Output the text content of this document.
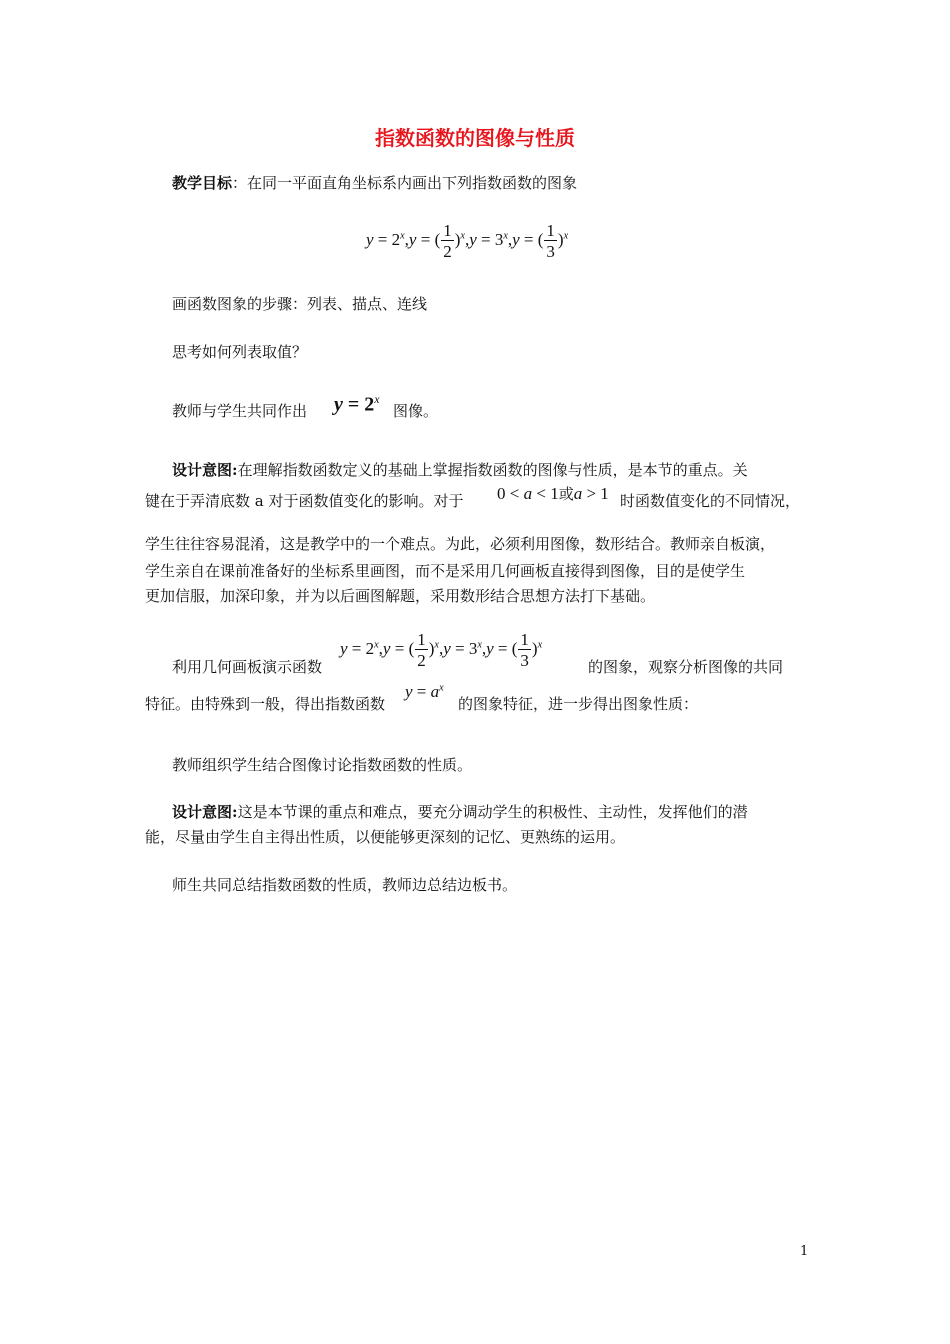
指数函数的图像与性质
教学目标：在同一平面直角坐标系内画出下列指数函数的图象
$y = 2^x,y$ = ( $\frac{1}{2} )^x,y = 3^x,y$ = ( $\frac{1}{3} )^x$
画函数图象的步骤：列表、描点、连线
思考如何列表取值？
教师与学生共同作出 $y = 2^x$
图像。
设计意图:在理解指数函数定义的基础上掌握指数函数的图像与性质，是本节的重点。关
键在于弄清底数 a 对于函数值变化的影响。对于 0 < a < 1或a > 1 时函数值变化的不同情况，
学生往往容易混淆，这是教学中的一个难点。为此，必须利用图像，数形结合。教师亲自板演，
学生亲自在课前准备好的坐标系里画图，而不是采用几何画板直接得到图像，目的是使学生
更加信服，加深印象，并为以后画图解题，采用数形结合思想方法打下基础。
利用几何画板演示函数
$y = 2^x,y$ = ( $\frac{1}{2} )^x,y = 3^x,y$ = ( $\frac{1}{3} )^x$
的图象，观察分析图像的共同
特征。由特殊到一般，得出指数函数
$y = a^x$
的图象特征，进一步得出图象性质：
教师组织学生结合图像讨论指数函数的性质。
设计意图:这是本节课的重点和难点，要充分调动学生的积极性、主动性，发挥他们的潜
能，尽量由学生自主得出性质，以便能够更深刻的记忆、更熟练的运用。
师生共同总结指数函数的性质，教师边总结边板书。
1
